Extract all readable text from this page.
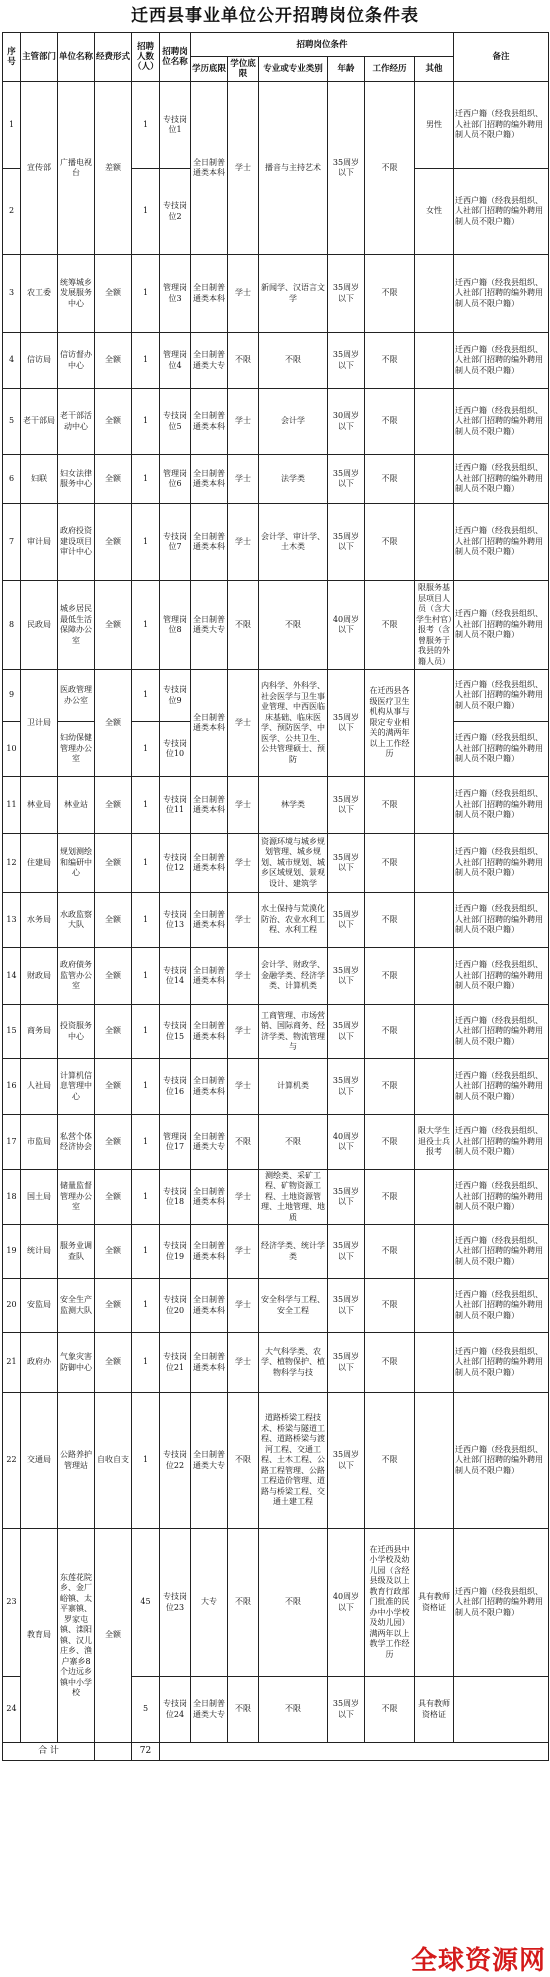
迁西县事业单位公开招聘岗位条件表
序号	主管部门	单位名称	经费形式	招聘人数（人）	招聘岗位名称	招聘岗位条件						备注
						学历底限	学位底限	专业或专业类别	年龄	工作经历	其他	
1	宣传部	广播电视台	差额	1	专技岗位1	全日制普通类本科	学士	播音与主持艺术	35周岁以下	不限	男性	迁西户籍（经我县组织、人社部门招聘的编外聘用制人员不限户籍）
2				1	专技岗位2						女性	迁西户籍（经我县组织、人社部门招聘的编外聘用制人员不限户籍）
3	农工委	统筹城乡发展服务中心	全额	1	管理岗位3	全日制普通类本科	学士	新闻学、汉语言文学	35周岁以下	不限		迁西户籍（经我县组织、人社部门招聘的编外聘用制人员不限户籍）
4	信访局	信访督办中心	全额	1	管理岗位4	全日制普通类大专	不限	不限	35周岁以下	不限		迁西户籍（经我县组织、人社部门招聘的编外聘用制人员不限户籍）
5	老干部局	老干部活动中心	全额	1	专技岗位5	全日制普通类本科	学士	会计学	30周岁以下	不限		迁西户籍（经我县组织、人社部门招聘的编外聘用制人员不限户籍）
6	妇联	妇女法律服务中心	全额	1	管理岗位6	全日制普通类本科	学士	法学类	35周岁以下	不限		迁西户籍（经我县组织、人社部门招聘的编外聘用制人员不限户籍）
7	审计局	政府投资建设项目审计中心	全额	1	专技岗位7	全日制普通类本科	学士	会计学、审计学、土木类	35周岁以下	不限		迁西户籍（经我县组织、人社部门招聘的编外聘用制人员不限户籍）
8	民政局	城乡居民最低生活保障办公室	全额	1	管理岗位8	全日制普通类大专	不限	不限	40周岁以下	不限	限服务基层项目人员（含大学生村官）报考（含曾服务于我县的外籍人员）	迁西户籍（经我县组织、人社部门招聘的编外聘用制人员不限户籍）
9	卫计局	医政管理办公室	全额	1	专技岗位9	全日制普通类本科	学士	内科学、外科学、社会医学与卫生事业管理、中西医临床基础、临床医学、预防医学、中医学、公共卫生、公共管理硕士、预防	35周岁以下	在迁西县各级医疗卫生机构从事与限定专业相关的满两年以上工作经历		迁西户籍（经我县组织、人社部门招聘的编外聘用制人员不限户籍）
10		妇幼保健管理办公室		1	专技岗位10							迁西户籍（经我县组织、人社部门招聘的编外聘用制人员不限户籍）
11	林业局	林业站	全额	1	专技岗位11	全日制普通类本科	学士	林学类	35周岁以下	不限		迁西户籍（经我县组织、人社部门招聘的编外聘用制人员不限户籍）
12	住建局	规划测绘和编研中心	全额	1	专技岗位12	全日制普通类本科	学士	资源环境与城乡规划管理、城乡规划、城市规划、城乡区域规划、景观设计、建筑学	35周岁以下	不限		迁西户籍（经我县组织、人社部门招聘的编外聘用制人员不限户籍）
13	水务局	水政监察大队	全额	1	专技岗位13	全日制普通类本科	学士	水土保持与荒漠化防治、农业水利工程、水利工程	35周岁以下	不限		迁西户籍（经我县组织、人社部门招聘的编外聘用制人员不限户籍）
14	财政局	政府债务监管办公室	全额	1	专技岗位14	全日制普通类本科	学士	会计学、财政学、金融学类、经济学类、计算机类	35周岁以下	不限		迁西户籍（经我县组织、人社部门招聘的编外聘用制人员不限户籍）
15	商务局	投资服务中心	全额	1	专技岗位15	全日制普通类本科	学士	工商管理、市场营销、国际商务、经济学类、物流管理与	35周岁以下	不限		迁西户籍（经我县组织、人社部门招聘的编外聘用制人员不限户籍）
16	人社局	计算机信息管理中心	全额	1	专技岗位16	全日制普通类本科	学士	计算机类	35周岁以下	不限		迁西户籍（经我县组织、人社部门招聘的编外聘用制人员不限户籍）
17	市监局	私营个体经济协会	全额	1	管理岗位17	全日制普通类大专	不限	不限	40周岁以下	不限	限大学生退役士兵报考	迁西户籍（经我县组织、人社部门招聘的编外聘用制人员不限户籍）
18	国土局	储量监督管理办公室	全额	1	专技岗位18	全日制普通类本科	学士	测绘类、采矿工程、矿物资源工程、土地资源管理、土地管理、地质	35周岁以下	不限		迁西户籍（经我县组织、人社部门招聘的编外聘用制人员不限户籍）
19	统计局	服务业调查队	全额	1	专技岗位19	全日制普通类本科	学士	经济学类、统计学类	35周岁以下	不限		迁西户籍（经我县组织、人社部门招聘的编外聘用制人员不限户籍）
20	安监局	安全生产监测大队	全额	1	专技岗位20	全日制普通类本科	学士	安全科学与工程、安全工程	35周岁以下	不限		迁西户籍（经我县组织、人社部门招聘的编外聘用制人员不限户籍）
21	政府办	气象灾害防御中心	全额	1	专技岗位21	全日制普通类本科	学士	大气科学类、农学、植物保护、植物科学与技	35周岁以下	不限		迁西户籍（经我县组织、人社部门招聘的编外聘用制人员不限户籍）
22	交通局	公路养护管理站	自收自支	1	专技岗位22	全日制普通类大专	不限	道路桥梁工程技术、桥梁与隧道工程、道路桥梁与渡河工程、交通工程、土木工程、公路工程管理、公路工程造价管理、道路与桥梁工程、交通土建工程	35周岁以下	不限		迁西户籍（经我县组织、人社部门招聘的编外聘用制人员不限户籍）
23	教育局	东莲花院乡、金厂峪镇、太平寨镇、罗家屯镇、滦阳镇、汉儿庄乡、渔户寨乡8个边远乡镇中小学校	全额	45	专技岗位23	大专	不限	不限	40周岁以下	在迁西县中小学校及幼儿园（含经县级及以上教育行政部门批准的民办中小学校及幼儿园）满两年以上教学工作经历	具有教师资格证	迁西户籍（经我县组织、人社部门招聘的编外聘用制人员不限户籍）
24				5	专技岗位24	全日制普通类大专	不限	不限	35周岁以下	不限	具有教师资格证	
合 计				72								
全球资源网
